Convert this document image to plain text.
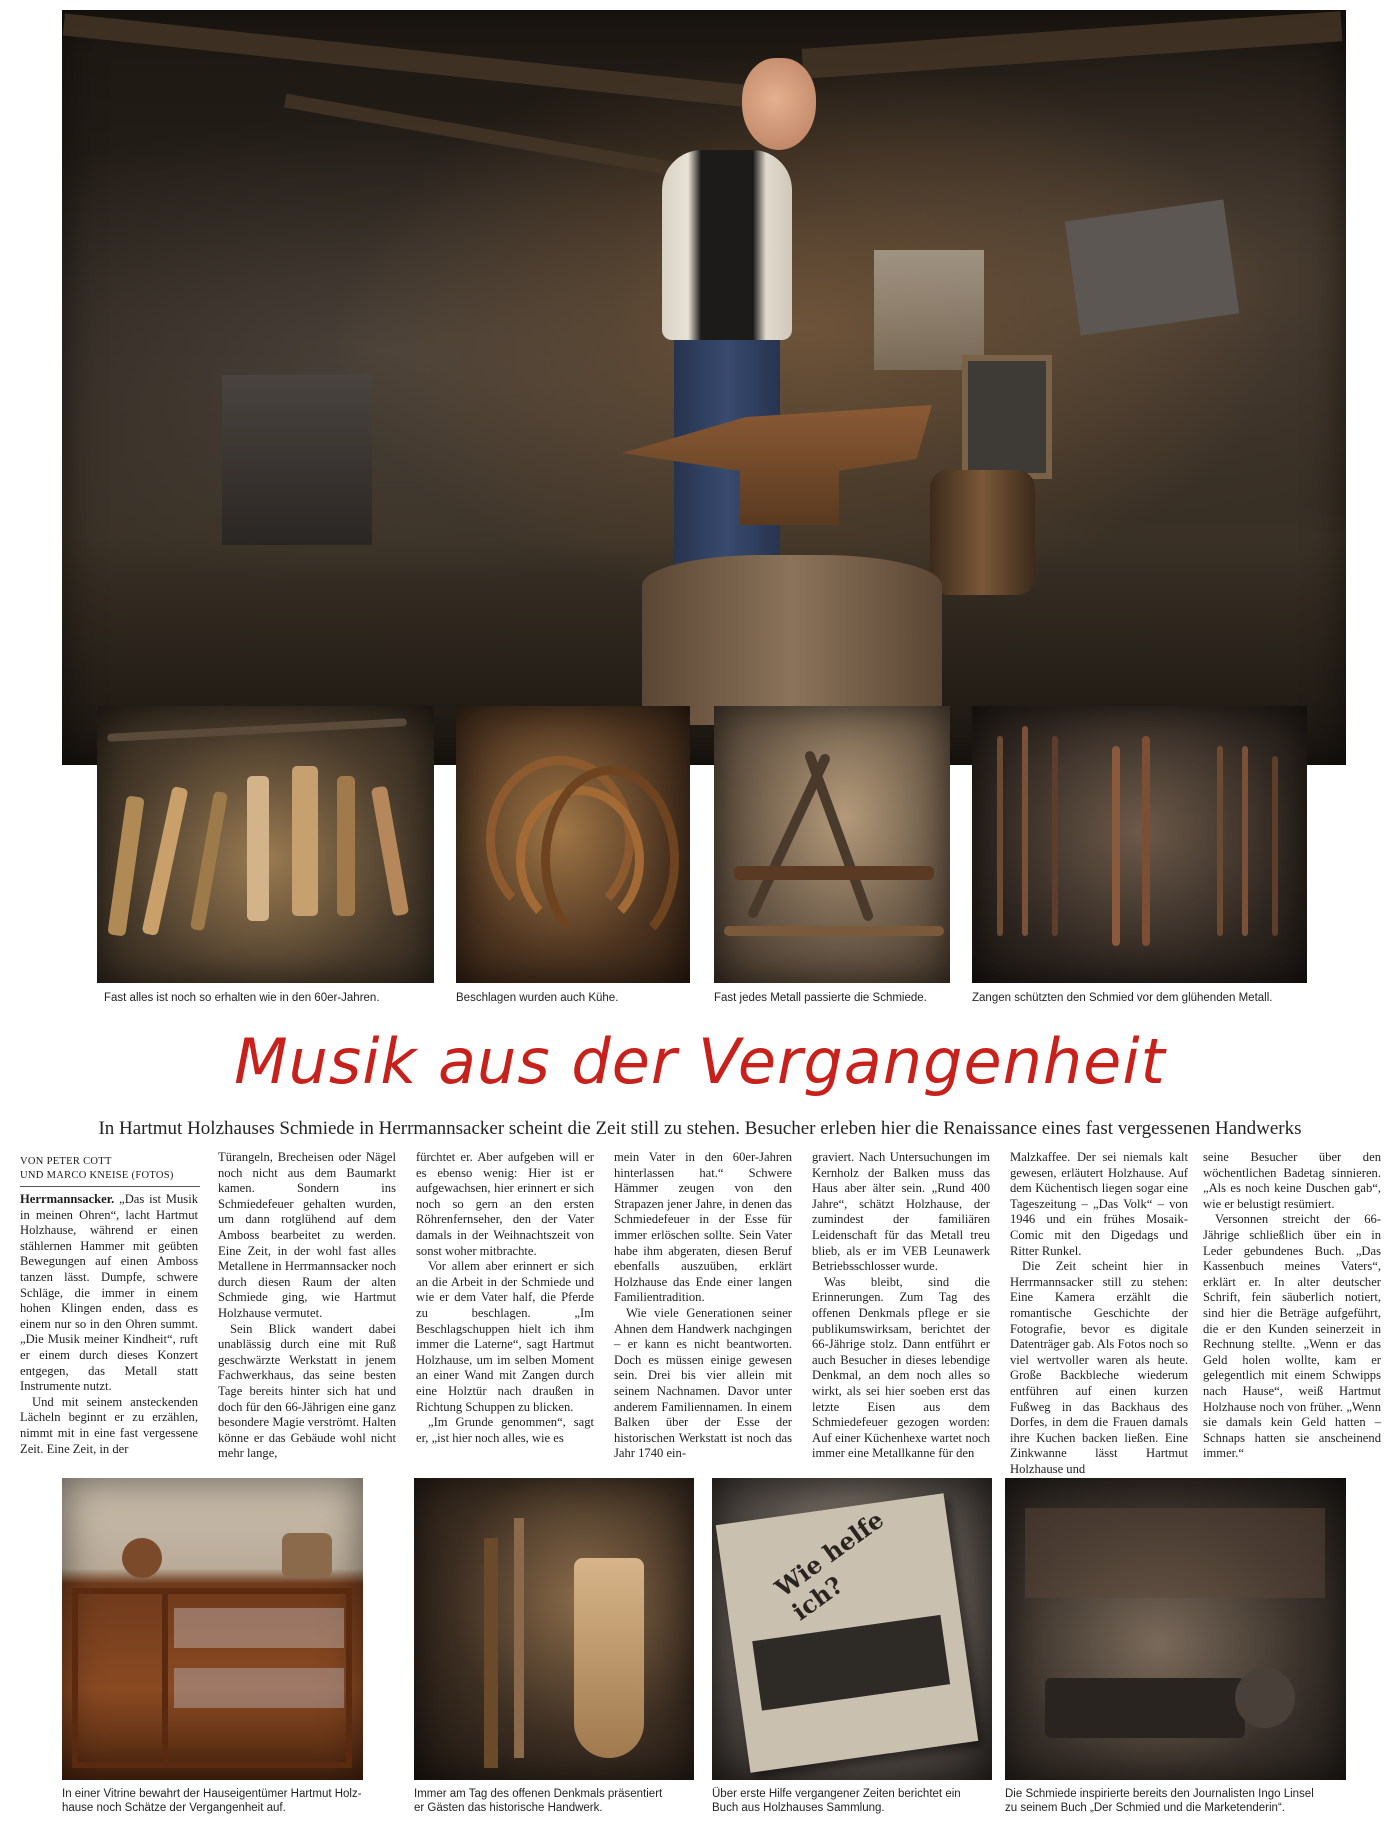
Fast alles ist noch so erhalten wie in den 60er-Jahren.	Beschlagen wurden auch Kühe.	Fast jedes Metall passierte die Schmiede.	Zangen schützten den Schmied vor dem glühenden Metall.

Musik aus der Vergangenheit
In Hartmut Holzhauses Schmiede in Herrmannsacker scheint die Zeit still zu stehen. Besucher erleben hier die Renaissance eines fast vergessenen Handwerks
VON PETER COTT
UND MARCO KNEISE (FOTOS)

Herrmannsacker. „Das ist Musik in meinen Ohren“, lacht Hartmut Holzhause, während er einen stählernen Hammer mit geübten Bewegungen auf einen Amboss tanzen lässt. Dumpfe, schwere Schläge, die immer in einem hohen Klingen enden, dass es einem nur so in den Ohren summt. „Die Musik meiner Kindheit“, ruft er einem durch dieses Konzert entgegen, das Metall statt Instrumente nutzt.

Und mit seinem ansteckenden Lächeln beginnt er zu erzählen, nimmt mit in eine fast vergessene Zeit. Eine Zeit, in der

Türangeln, Brecheisen oder Nägel noch nicht aus dem Baumarkt kamen. Sondern ins Schmiedefeuer gehalten wurden, um dann rotglühend auf dem Amboss bearbeitet zu werden. Eine Zeit, in der wohl fast alles Metallene in Herrmannsacker noch durch diesen Raum der alten Schmiede ging, wie Hartmut Holzhause vermutet.

Sein Blick wandert dabei unablässig durch eine mit Ruß geschwärzte Werkstatt in jenem Fachwerkhaus, das seine besten Tage bereits hinter sich hat und doch für den 66-Jährigen eine ganz besondere Magie verströmt. Halten könne er das Gebäude wohl nicht mehr lange,

fürchtet er. Aber aufgeben will er es ebenso wenig: Hier ist er aufgewachsen, hier erinnert er sich noch so gern an den ersten Röhrenfernseher, den der Vater damals in der Weihnachtszeit von sonst woher mitbrachte.

Vor allem aber erinnert er sich an die Arbeit in der Schmiede und wie er dem Vater half, die Pferde zu beschlagen. „Im Beschlagschuppen hielt ich ihm immer die Laterne“, sagt Hartmut Holzhause, um im selben Moment an einer Wand mit Zangen durch eine Holztür nach draußen in Richtung Schuppen zu blicken.

„Im Grunde genommen“, sagt er, „ist hier noch alles, wie es

mein Vater in den 60er-Jahren hinterlassen hat.“ Schwere Hämmer zeugen von den Strapazen jener Jahre, in denen das Schmiedefeuer in der Esse für immer erlöschen sollte. Sein Vater habe ihm abgeraten, diesen Beruf ebenfalls auszuüben, erklärt Holzhause das Ende einer langen Familientradition.

Wie viele Generationen seiner Ahnen dem Handwerk nachgingen – er kann es nicht beantworten. Doch es müssen einige gewesen sein. Drei bis vier allein mit seinem Nachnamen. Davor unter anderem Familiennamen. In einem Balken über der Esse der historischen Werkstatt ist noch das Jahr 1740 ein-

graviert. Nach Untersuchungen im Kernholz der Balken muss das Haus aber älter sein. „Rund 400 Jahre“, schätzt Holzhause, der zumindest der familiären Leidenschaft für das Metall treu blieb, als er im VEB Leunawerk Betriebsschlosser wurde.

Was bleibt, sind die Erinnerungen. Zum Tag des offenen Denkmals pflege er sie publikumswirksam, berichtet der 66-Jährige stolz. Dann entführt er auch Besucher in dieses lebendige Denkmal, an dem noch alles so wirkt, als sei hier soeben erst das letzte Eisen aus dem Schmiedefeuer gezogen worden: Auf einer Küchenhexe wartet noch immer eine Metallkanne für den

Malzkaffee. Der sei niemals kalt gewesen, erläutert Holzhause. Auf dem Küchentisch liegen sogar eine Tageszeitung – „Das Volk“ – von 1946 und ein frühes Mosaik-Comic mit den Digedags und Ritter Runkel.

Die Zeit scheint hier in Herrmannsacker still zu stehen: Eine Kamera erzählt die romantische Geschichte der Fotografie, bevor es digitale Datenträger gab. Als Fotos noch so viel wertvoller waren als heute. Große Backbleche wiederum entführen auf einen kurzen Fußweg in das Backhaus des Dorfes, in dem die Frauen damals ihre Kuchen backen ließen. Eine Zinkwanne lässt Hartmut Holzhause und

seine Besucher über den wöchentlichen Badetag sinnieren. „Als es noch keine Duschen gab“, wie er belustigt resümiert.

Versonnen streicht der 66-Jährige schließlich über ein in Leder gebundenes Buch. „Das Kassenbuch meines Vaters“, erklärt er. In alter deutscher Schrift, fein säuberlich notiert, sind hier die Beträge aufgeführt, die er den Kunden seinerzeit in Rechnung stellte. „Wenn er das Geld holen wollte, kam er gelegentlich mit einem Schwipps nach Hause“, weiß Hartmut Holzhause noch von früher. „Wenn sie damals kein Geld hatten – Schnaps hatten sie anscheinend immer.“

Wie helfe ich?
In einer Vitrine bewahrt der Hauseigentümer Hartmut Holz-
hause noch Schätze der Vergangenheit auf.
Immer am Tag des offenen Denkmals präsentiert
er Gästen das historische Handwerk.
Über erste Hilfe vergangener Zeiten berichtet ein
Buch aus Holzhauses Sammlung.
Die Schmiede inspirierte bereits den Journalisten Ingo Linsel
zu seinem Buch „Der Schmied und die Marketenderin“.
